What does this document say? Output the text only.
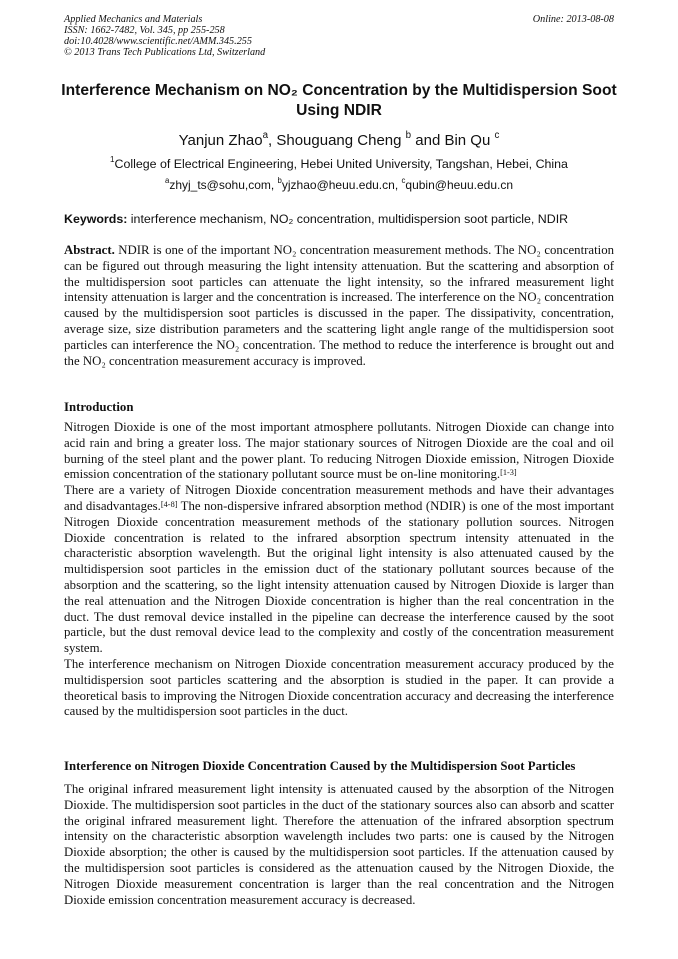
Applied Mechanics and Materials
ISSN: 1662-7482, Vol. 345, pp 255-258
doi:10.4028/www.scientific.net/AMM.345.255
© 2013 Trans Tech Publications Ltd, Switzerland
Online: 2013-08-08
Interference Mechanism on NO₂ Concentration by the Multidispersion Soot Using NDIR
Yanjun Zhao$^a$, Shouguang Cheng $^b$ and Bin Qu $^c$
$^1$College of Electrical Engineering, Hebei United University, Tangshan, Hebei, China
$^a$zhyj_ts@sohu,com, $^b$yjzhao@heuu.edu.cn, $^c$qubin@heuu.edu.cn
Keywords: interference mechanism, NO₂ concentration, multidispersion soot particle, NDIR

Abstract. NDIR is one of the important NO₂ concentration measurement methods. The NO₂ concentration can be figured out through measuring the light intensity attenuation. But the scattering and absorption of the multidispersion soot particles can attenuate the light intensity, so the infrared measurement light intensity attenuation is larger and the concentration is increased. The interference on the NO₂ concentration caused by the multidispersion soot particles is discussed in the paper. The dissipativity, concentration, average size, size distribution parameters and the scattering light angle range of the multidispersion soot particles can interference the NO₂ concentration. The method to reduce the interference is brought out and the NO₂ concentration measurement accuracy is improved.

Introduction

Nitrogen Dioxide is one of the most important atmosphere pollutants. Nitrogen Dioxide can change into acid rain and bring a greater loss. The major stationary sources of Nitrogen Dioxide are the coal and oil burning of the steel plant and the power plant. To reducing Nitrogen Dioxide emission, Nitrogen Dioxide emission concentration of the stationary pollutant source must be on-line monitoring.[1-3]

There are a variety of Nitrogen Dioxide concentration measurement methods and have their advantages and disadvantages.[4-8] The non-dispersive infrared absorption method (NDIR) is one of the most important Nitrogen Dioxide concentration measurement methods of the stationary pollution sources. Nitrogen Dioxide concentration is related to the infrared absorption spectrum intensity attenuated in the characteristic absorption wavelength. But the original light intensity is also attenuated caused by the multidispersion soot particles in the emission duct of the stationary pollutant sources because of the absorption and the scattering, so the light intensity attenuation caused by Nitrogen Dioxide is larger than the real attenuation and the Nitrogen Dioxide concentration is higher than the real concentration in the duct. The dust removal device installed in the pipeline can decrease the interference caused by the soot particle, but the dust removal device lead to the complexity and costly of the concentration measurement system.

The interference mechanism on Nitrogen Dioxide concentration measurement accuracy produced by the multidispersion soot particles scattering and the absorption is studied in the paper. It can provide a theoretical basis to improving the Nitrogen Dioxide concentration accuracy and decreasing the interference caused by the multidispersion soot particles in the duct.

Interference on Nitrogen Dioxide Concentration Caused by the Multidispersion Soot Particles

The original infrared measurement light intensity is attenuated caused by the absorption of the Nitrogen Dioxide. The multidispersion soot particles in the duct of the stationary sources also can absorb and scatter the original infrared measurement light. Therefore the attenuation of the infrared absorption spectrum intensity on the characteristic absorption wavelength includes two parts: one is caused by the Nitrogen Dioxide absorption; the other is caused by the multidispersion soot particles. If the attenuation caused by the multidispersion soot particles is considered as the attenuation caused by the Nitrogen Dioxide, the Nitrogen Dioxide measurement concentration is larger than the real concentration and the Nitrogen Dioxide emission concentration measurement accuracy is decreased.
